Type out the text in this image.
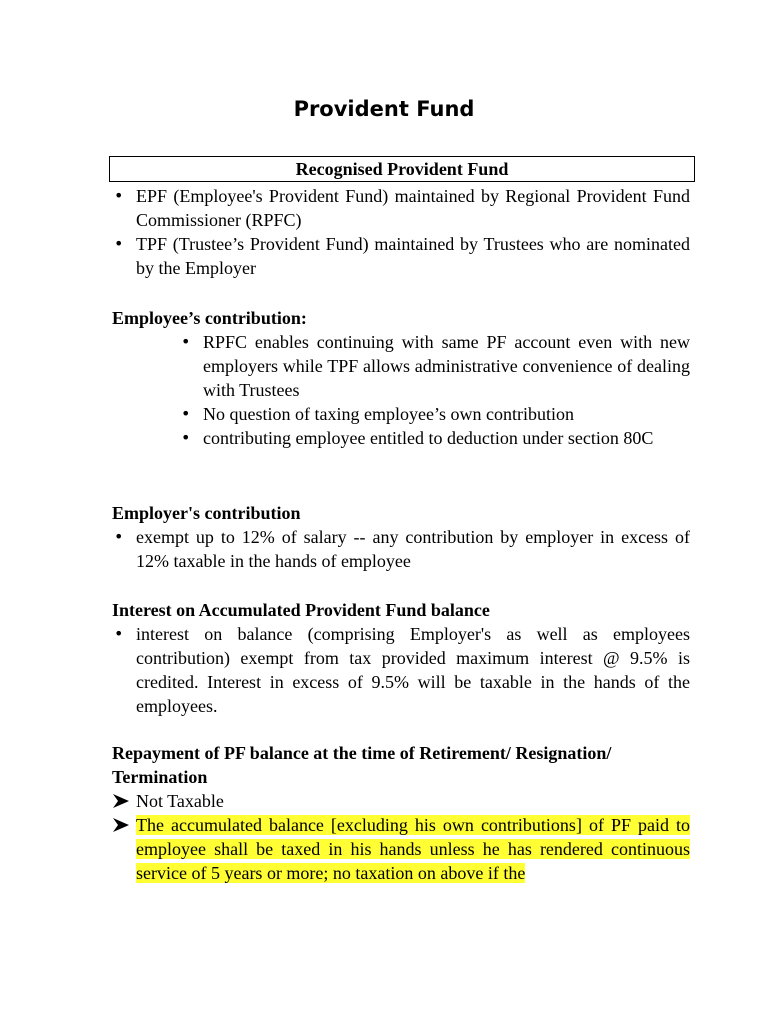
Provident Fund
Recognised Provident Fund
• EPF (Employee's Provident Fund) maintained by Regional Provident Fund Commissioner (RPFC)
• TPF (Trustee’s Provident Fund) maintained by Trustees who are nominated by the Employer
Employee’s contribution:
• RPFC enables continuing with same PF account even with new employers while TPF allows administrative convenience of dealing with Trustees
• No question of taxing employee’s own contribution
• contributing employee entitled to deduction under section 80C
Employer's contribution
• exempt up to 12% of salary -- any contribution by employer in excess of 12% taxable in the hands of employee
Interest on Accumulated Provident Fund balance
• interest on balance (comprising Employer's as well as employees contribution) exempt from tax provided maximum interest @ 9.5% is credited. Interest in excess of 9.5% will be taxable in the hands of the employees.
Repayment of PF balance at the time of Retirement/ Resignation/ Termination
Not Taxable
The accumulated balance [excluding his own contributions] of PF paid to employee shall be taxed in his hands unless he has rendered continuous service of 5 years or more; no taxation on above if the
